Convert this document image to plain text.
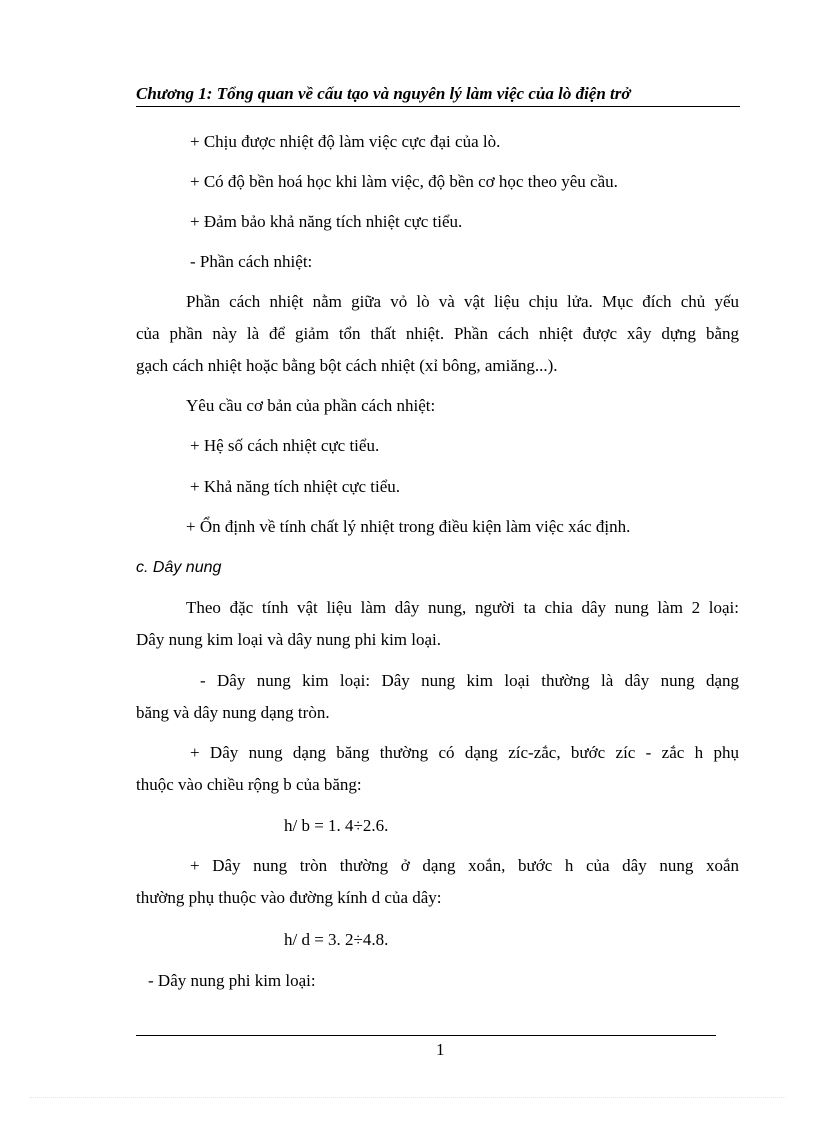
Chương 1: Tổng quan về cấu tạo và nguyên lý làm việc của lò điện trở
+ Chịu được nhiệt độ làm việc cực đại của lò.
+ Có độ bền hoá học khi làm việc, độ bền cơ học theo yêu cầu.
+ Đảm bảo khả năng tích nhiệt cực tiểu.
- Phần cách nhiệt:
Phần cách nhiệt nằm giữa vỏ lò và vật liệu chịu lửa. Mục đích chủ yếu
của phần này là để giảm tổn thất nhiệt. Phần cách nhiệt được xây dựng bằng
gạch cách nhiệt hoặc bằng bột cách nhiệt (xỉ bông, amiăng...).
Yêu cầu cơ bản của phần cách nhiệt:
+ Hệ số cách nhiệt cực tiểu.
+ Khả năng tích nhiệt cực tiểu.
+ Ổn định về tính chất lý nhiệt trong điều kiện làm việc xác định.
c. Dây nung
Theo đặc tính vật liệu làm dây nung, người ta chia dây nung làm 2 loại:
Dây nung kim loại và dây nung phi kim loại.
- Dây nung kim loại: Dây nung kim loại thường là dây nung dạng
băng và dây nung dạng tròn.
+ Dây nung dạng băng thường có dạng zíc-zắc, bước zíc - zắc h phụ
thuộc vào chiều rộng b của băng:
h/ b = 1. 4÷2.6.
+ Dây nung tròn thường ở dạng xoắn, bước h của dây nung xoắn
thường phụ thuộc vào đường kính d của dây:
h/ d = 3. 2÷4.8.
- Dây nung phi kim loại:
1
